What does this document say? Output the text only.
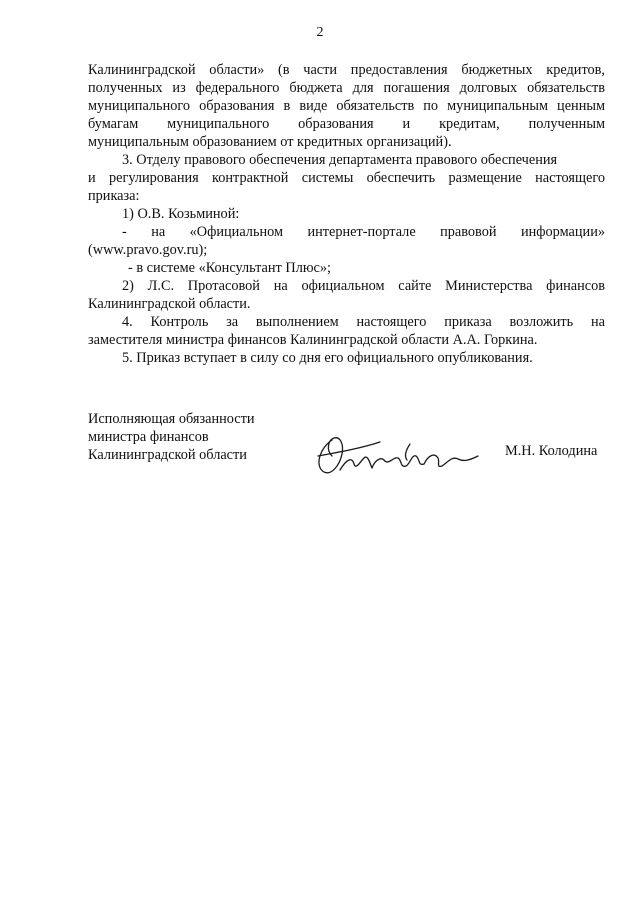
2
Калининградской области» (в части предоставления бюджетных кредитов,
полученных из федерального бюджета для погашения долговых обязательств
муниципального образования в виде обязательств по муниципальным ценным
бумагам муниципального образования и кредитам, полученным
муниципальным образованием от кредитных организаций).
3. Отделу правового обеспечения департамента правового обеспечения
и регулирования контрактной системы обеспечить размещение настоящего
приказа:
1) О.В. Козьминой:
- на «Официальном интернет-портале правовой информации»
(www.pravo.gov.ru);
- в системе «Консультант Плюс»;
2) Л.С. Протасовой на официальном сайте Министерства финансов
Калининградской области.
4. Контроль за выполнением настоящего приказа возложить на
заместителя министра финансов Калининградской области А.А. Горкина.
5. Приказ вступает в силу со дня его официального опубликования.
Исполняющая обязанности
министра финансов
Калининградской области	М.Н. Колодина
